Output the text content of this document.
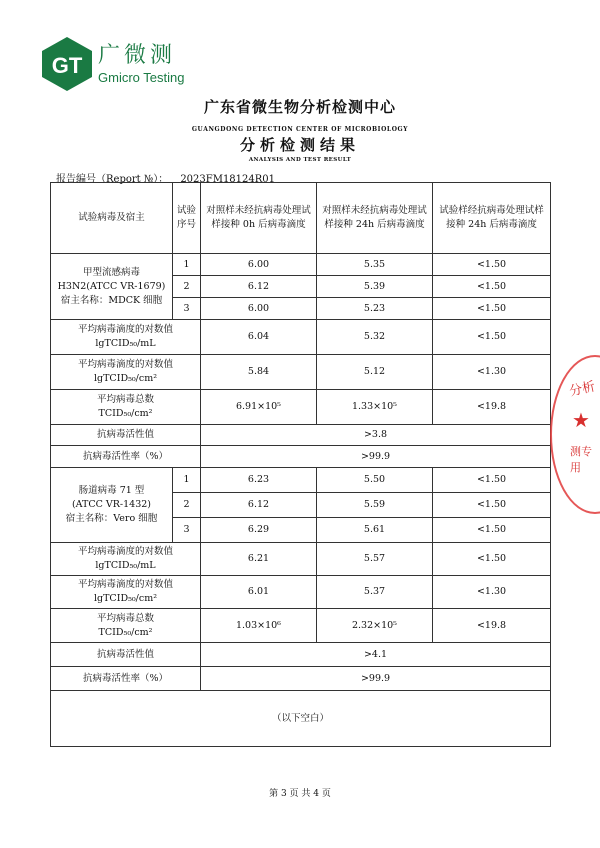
GT 广微测
Gmicro Testing
广东省微生物分析检测中心
GUANGDONG DETECTION CENTER OF MICROBIOLOGY
分析检测结果
ANALYSIS AND TEST RESULT
报告编号（Report №）： 2023FM18124R01
试验病毒及宿主	试验序号	对照样未经抗病毒处理试样接种 0h 后病毒滴度	对照样未经抗病毒处理试样接种 24h 后病毒滴度	试验样经抗病毒处理试样接种 24h 后病毒滴度

甲型流感病毒
H3N2(ATCC VR-1679)
宿主名称：MDCK 细胞	1	6.00	5.35	<1.50
	2	6.12	5.39	<1.50
	3	6.00	5.23	<1.50

平均病毒滴度的对数值
lgTCID₅₀/mL		6.04	5.32	<1.50

平均病毒滴度的对数值
lgTCID₅₀/cm²		5.84	5.12	<1.30

平均病毒总数
TCID₅₀/cm²		6.91×10⁵	1.33×10⁵	<19.8
抗病毒活性值		>3.8		
抗病毒活性率（%）		>99.9		

肠道病毒 71 型
(ATCC VR-1432)
宿主名称：Vero 细胞	1	6.23	5.50	<1.50
	2	6.12	5.59	<1.50
	3	6.29	5.61	<1.50

平均病毒滴度的对数值
lgTCID₅₀/mL		6.21	5.57	<1.50

平均病毒滴度的对数值
lgTCID₅₀/cm²		6.01	5.37	<1.30

平均病毒总数
TCID₅₀/cm²		1.03×10⁶	2.32×10⁵	<19.8
抗病毒活性值		>4.1		
抗病毒活性率（%）		>99.9		
（以下空白）				
第 3 页 共 4 页
分析
★
测专用
